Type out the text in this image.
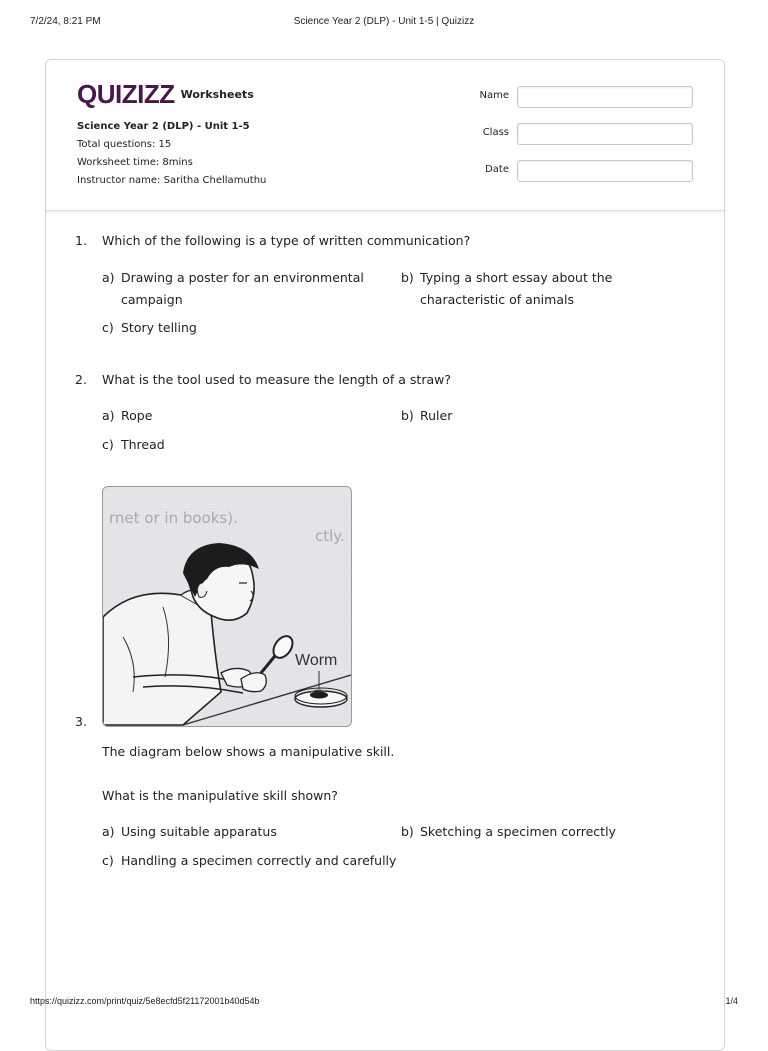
7/2/24, 8:21 PM	Science Year 2 (DLP) - Unit 1-5 | Quizizz
QUIZIZZ Worksheets
Science Year 2 (DLP) - Unit 1-5
Total questions: 15
Worksheet time: 8mins
Instructor name: Saritha Chellamuthu
Name
Class
Date
1. Which of the following is a type of written communication?
a) Drawing a poster for an environmental campaign
b) Typing a short essay about the characteristic of animals
c) Story telling
2. What is the tool used to measure the length of a straw?
a) Rope	b) Ruler
c) Thread
rnet or in books).
ctly.
Worm
3.
The diagram below shows a manipulative skill.
What is the manipulative skill shown?
a) Using suitable apparatus	b) Sketching a specimen correctly
c) Handling a specimen correctly and carefully
https://quizizz.com/print/quiz/5e8ecfd5f21172001b40d54b	1/4
